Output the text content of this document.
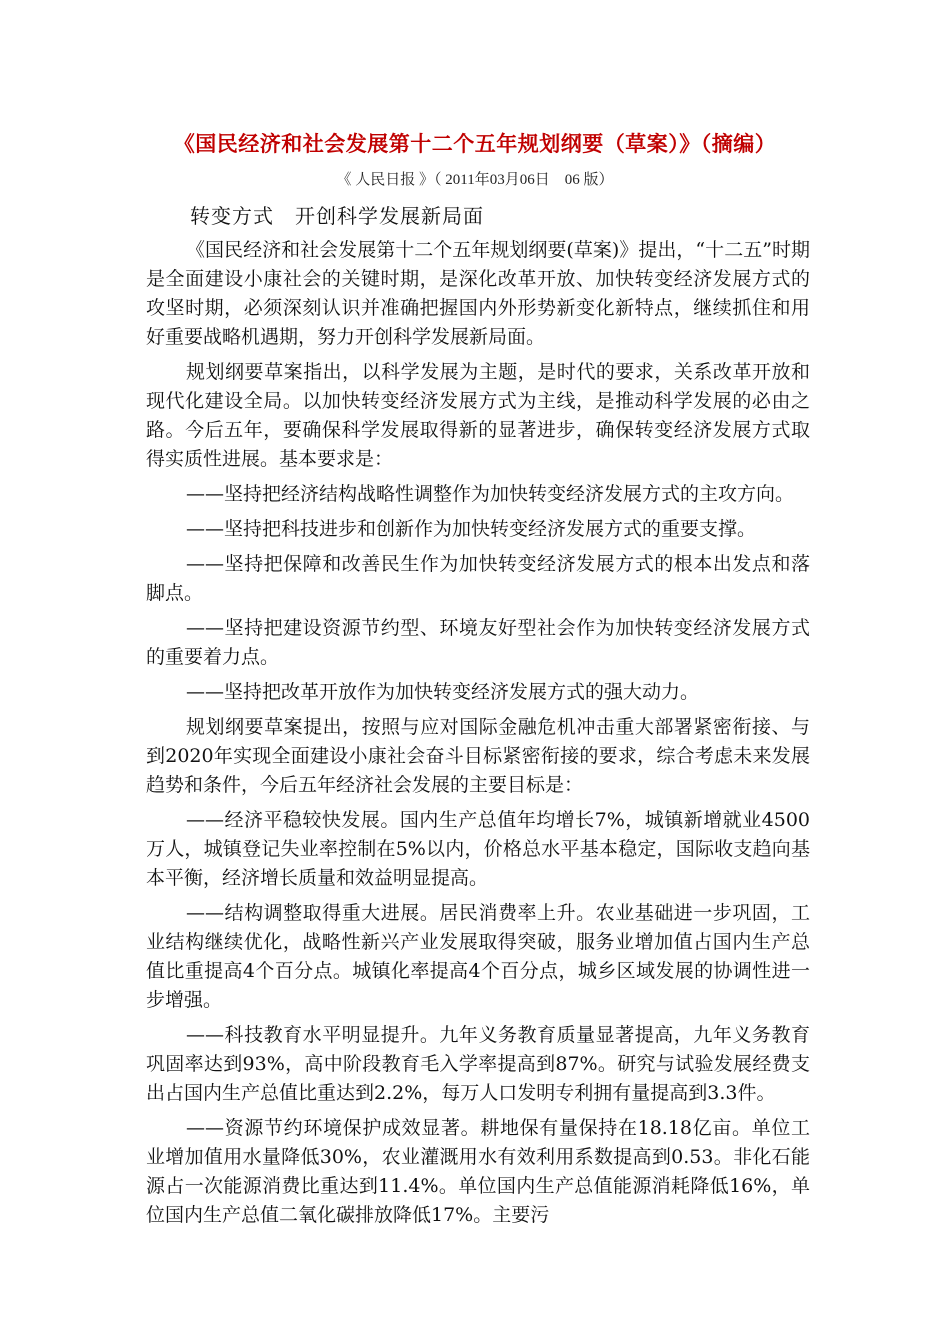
《国民经济和社会发展第十二个五年规划纲要（草案）》（摘编）
《 人民日报 》（ 2011年03月06日　06 版）
转变方式　开创科学发展新局面

《国民经济和社会发展第十二个五年规划纲要(草案)》提出，“十二五”时期是全面建设小康社会的关键时期，是深化改革开放、加快转变经济发展方式的攻坚时期，必须深刻认识并准确把握国内外形势新变化新特点，继续抓住和用好重要战略机遇期，努力开创科学发展新局面。

规划纲要草案指出，以科学发展为主题，是时代的要求，关系改革开放和现代化建设全局。以加快转变经济发展方式为主线，是推动科学发展的必由之路。今后五年，要确保科学发展取得新的显著进步，确保转变经济发展方式取得实质性进展。基本要求是：

——坚持把经济结构战略性调整作为加快转变经济发展方式的主攻方向。

——坚持把科技进步和创新作为加快转变经济发展方式的重要支撑。

——坚持把保障和改善民生作为加快转变经济发展方式的根本出发点和落脚点。

——坚持把建设资源节约型、环境友好型社会作为加快转变经济发展方式的重要着力点。

——坚持把改革开放作为加快转变经济发展方式的强大动力。

规划纲要草案提出，按照与应对国际金融危机冲击重大部署紧密衔接、与到2020年实现全面建设小康社会奋斗目标紧密衔接的要求，综合考虑未来发展趋势和条件，今后五年经济社会发展的主要目标是：

——经济平稳较快发展。国内生产总值年均增长7%，城镇新增就业4500万人，城镇登记失业率控制在5%以内，价格总水平基本稳定，国际收支趋向基本平衡，经济增长质量和效益明显提高。

——结构调整取得重大进展。居民消费率上升。农业基础进一步巩固，工业结构继续优化，战略性新兴产业发展取得突破，服务业增加值占国内生产总值比重提高4个百分点。城镇化率提高4个百分点，城乡区域发展的协调性进一步增强。

——科技教育水平明显提升。九年义务教育质量显著提高，九年义务教育巩固率达到93%，高中阶段教育毛入学率提高到87%。研究与试验发展经费支出占国内生产总值比重达到2.2%，每万人口发明专利拥有量提高到3.3件。

——资源节约环境保护成效显著。耕地保有量保持在18.18亿亩。单位工业增加值用水量降低30%，农业灌溉用水有效利用系数提高到0.53。非化石能源占一次能源消费比重达到11.4%。单位国内生产总值能源消耗降低16%，单位国内生产总值二氧化碳排放降低17%。主要污
